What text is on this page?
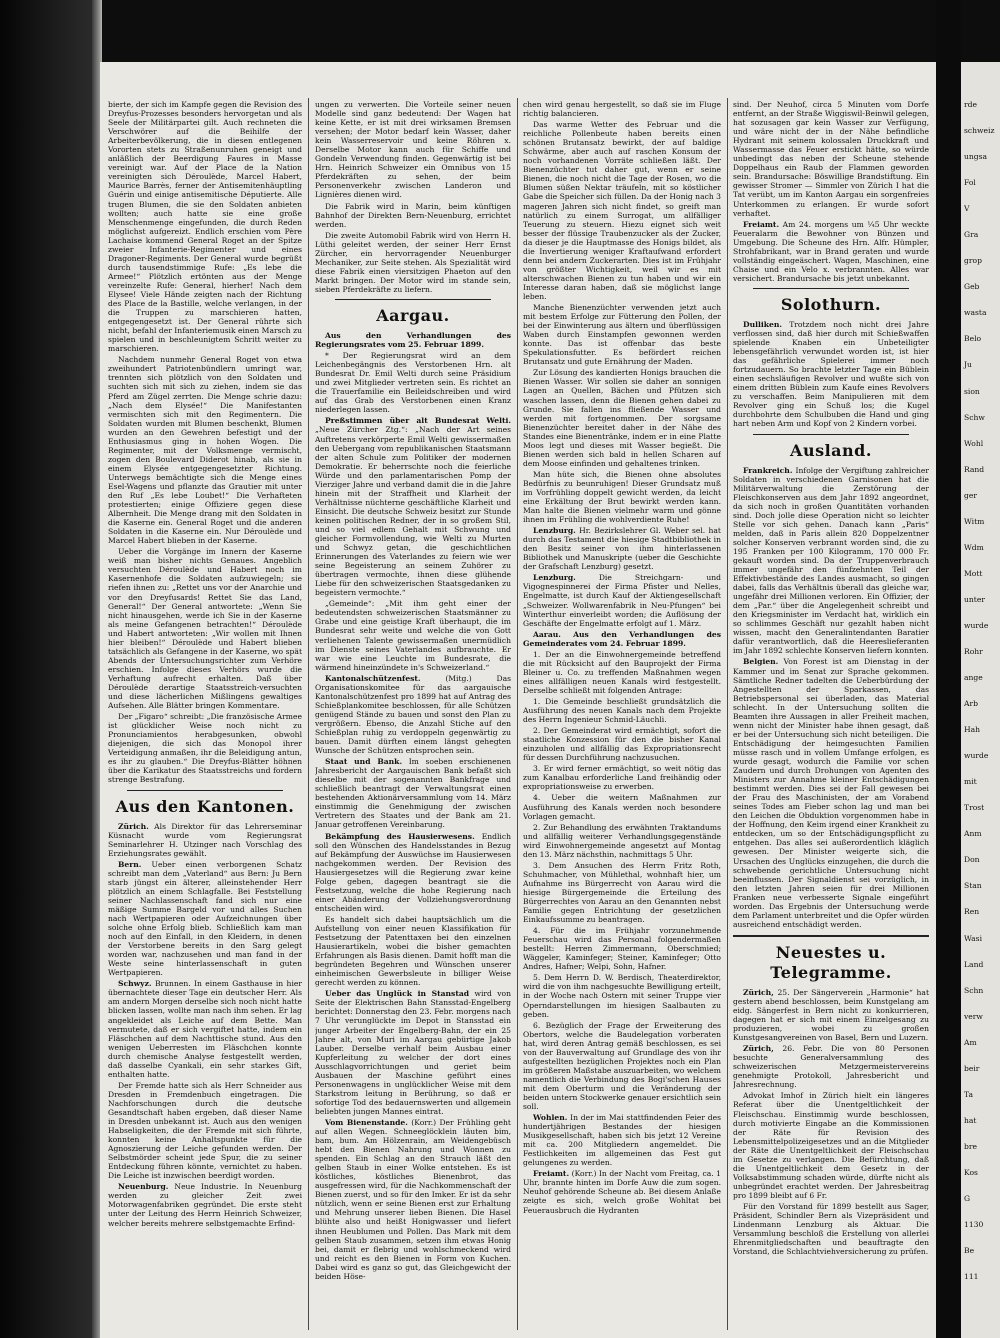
bierte, der sich im Kampfe gegen die Revision des Dreyfus-Prozesses besonders hervorgetan und als Seele der Militärpartei gilt. Auch rechneten die Verschwörer auf die Beihilfe der Arbeiterbevölkerung, die in diesen entlegenen Vororten stets zu Straßenunruhen geneigt und anläßlich der Beerdigung Faures in Masse vereinigt war. Auf der Place de la Nation vereinigten sich Déroulède, Marcel Habert, Maurice Barrès, ferner der Antisemitenhäuptling Guérin und einige antisemitische Députierte. Alle trugen Blumen, die sie den Soldaten anbieten wollten; auch hatte sie eine große Menschenmenge eingefunden, die durch Reden möglichst aufgereizt. Endlich erschien vom Père Lachaise kommend General Roget an der Spitze zweier Infanterie-Regimenter und eines Dragoner-Regiments. Der General wurde begrüßt durch tausendstimmige Rufe: „Es lebe die Armee!“ Plötzlich ertönten aus der Menge vereinzelte Rufe: General, hierher! Nach dem Elysee! Viele Hände zeigten nach der Richtung des Place de la Bastille, welche verlangen, in der die Truppen zu marschieren hatten, entgegengesetzt ist. Der General rührte sich nicht, befahl der Infanteriemusik einen Marsch zu spielen und in beschleunigtem Schritt weiter zu marschieren.

Nachdem nunmehr General Roget von etwa zweihundert Patriotenbündlern umringt war, trennten sich plötzlich von den Soldaten und suchten sich mit sich zu ziehen, indem sie das Pferd am Zügel zerrten. Die Menge schrie dazu: „Nach dem Elysée!“ Die Manifestanten vermischten sich mit den Regimentern. Die Soldaten wurden mit Blumen beschenkt, Blumen wurden an den Gewehren befestigt und der Enthusiasmus ging in hohen Wogen. Die Regimenter, mit der Volksmenge vermischt, zogen den Boulevard Diderot hinab, als sie in einem Elysée entgegengesetzter Richtung. Unterwegs bemächtigte sich die Menge eines Esel-Wagens und pflanzte das Grautier mit unter den Ruf „Es lebe Loubet!“ Die Verhafteten protestierten; einige Offiziere gegen diese Albernheit. Die Menge drang mit den Soldaten in die Kaserne ein. General Roget und die anderen Soldaten in die Kaserne ein. Nur Déroulède und Marcel Habert blieben in der Kaserne.

Ueber die Vorgänge im Innern der Kaserne weiß man bisher nichts Genaues. Angeblich versuchten Déroulède und Habert noch im Kasernenhofe die Soldaten aufzuwiegeln; sie riefen ihnen zu: „Rettet uns vor der Anarchie und vor den Dreyfusards! Rettet Sie das Land, General!“ Der General antwortete: „Wenn Sie nicht hinausgehen, werde ich Sie in der Kaserne als meine Gefangenen betrachten!“ Déroulède und Habert antworteten: „Wir wollen mit Ihnen hier bleiben!“ Déroulède und Habert blieben tatsächlich als Gefangene in der Kaserne, wo spät Abends der Untersuchungsrichter zum Verhöre erschien. Infolge dieses Verhörs wurde die Verhaftung aufrecht erhalten. Daß über Déroulède derartige Staatsstreich-versuchten und diese lächerlichen Mißlingens gewaltiges Aufsehen. Alle Blätter bringen Kommentare.

Der „Figaro“ schreibt: „Die französische Armee ist glücklicher Weise noch nicht zu Pronunciamientos herabgesunken, obwohl diejenigen, die sich das Monopol ihrer Verteidigung anmaßen, ihr die Beleidigung antun, es ihr zu glauben.“ Die Dreyfus-Blätter höhnen über die Karikatur des Staatsstreichs und fordern strenge Bestrafung.

Aus den Kantonen.

Zürich. Als Direktor für das Lehrerseminar Küsnacht wurde vom Regierungsrat Seminarlehrer H. Utzinger nach Vorschlag des Erziehungsrates gewählt.

Bern. Ueber einen verborgenen Schatz schreibt man dem „Vaterland“ aus Bern: Ju Bern starb jüngst ein älterer, alleinstehender Herr plötzlich an einem Schlagfalle. Bei Feststellung seiner Nachlassenschaft fand sich nur eine mäßige Summe Bargeld vor und alles Suchen nach Wertpapieren oder Aufzeichnungen über solche ohne Erfolg blieb. Schließlich kam man noch auf den Einfall, in den Kleidern, in denen der Verstorbene bereits in den Sarg gelegt worden war, nachzusehen und man fand in der Weste seine hinterlassenschaft in guten Wertpapieren.

Schwyz. Brunnen. In einem Gasthause in hier übernachtete dieser Tage ein deutscher Herr. Als am andern Morgen derselbe sich noch nicht hatte blicken lassen, wollte man nach ihm sehen. Er lag angekleidet als Leiche auf dem Bette. Man vermutete, daß er sich vergiftet hatte, indem ein Fläschchen auf dem Nachttische stund. Aus den wenigen Ueberresten im Fläschchen konnte durch chemische Analyse festgestellt werden, daß dasselbe Cyankali, ein sehr starkes Gift, enthalten hatte.

Der Fremde hatte sich als Herr Schneider aus Dresden in Fremdenbuch eingetragen. Die Nachforschungen durch die deutsche Gesandtschaft haben ergeben, daß dieser Name in Dresden unbekannt ist. Auch aus den wenigen Habseligkeiten, die der Fremde mit sich führte, konnten keine Anhaltspunkte für die Agnoszierung der Leiche gefunden werden. Der Selbstmörder scheint jede Spur, die zu seiner Entdeckung führen könnte, vernichtet zu haben. Die Leiche ist inzwischen beerdigt worden.

Neuenburg. Neue Industrie. In Neuenburg werden zu gleicher Zeit zwei Motorwagenfabriken gegründet. Die erste steht unter der Leitung des Herrn Heinrich Schweizer, welcher bereits mehrere selbstgemachte Erfind-

ungen zu verwerten. Die Vorteile seiner neuen Modelle sind ganz bedeutend: Der Wagen hat keine Kette, er ist mit drei wirksamen Bremsen versehen; der Motor bedarf kein Wasser, daher kein Wasserreservoir und keine Röhren x. Derselbe Motor kann auch für Schiffe und Gondeln Verwendung finden. Gegenwärtig ist bei Hrn. Heinrich Schweizer ein Omnibus von 15 Pferdekräften zu sehen, der beim Personenverkehr zwischen Landeron und Lignières dienen wird.

Die Fabrik wird in Marin, beim künftigen Bahnhof der Direkten Bern-Neuenburg, errichtet werden.

Die zweite Automobil Fabrik wird von Herrn H. Lüthi geleitet werden, der seiner Herr Ernst Zürcher, ein hervorragender Neuenburger Mechaniker, zur Seite stehen. Als Spezialität wird diese Fabrik einen viersitzigen Phaeton auf den Markt bringen. Der Motor wird im stande sein, sieben Pferdekräfte zu liefern.

Aargau.

Aus den Verhandlungen des Regierungsrates vom 25. Februar 1899.

* Der Regierungsrat wird an dem Leichenbegängnis des Verstorbenen Hrn. alt Bundesrat Dr. Emil Welti durch seine Präsidium und zwei Mitglieder vertreten sein. Es richtet an die Trauerfamilie ein Beileidschreiben und wird auf das Grab des Verstorbenen einen Kranz niederlegen lassen.

Preßstimmen über alt Bundesrat Welti. „Neue Zürcher Ztg.“: „Nach der Art seines Auftretens verkörperte Emil Welti gewissermaßen den Uebergang vom republikanischen Staatsmann der alten Schule zum Politiker der modernen Demokratie. Er beherrschte noch die feierliche Würde und den parlamentarischen Pomp der Vierziger Jahre und verband damit die in die Jahre hinein mit der Straffheit und Klarheit der Verhältnisse nüchterne geschäftliche Klarheit und Einsicht. Die deutsche Schweiz besitzt zur Stunde keinen politischen Redner, der in so großem Stil, und so viel edlem Gehalt mit Schwung und gleicher Formvollendung, wie Welti zu Murten und Schwyz getan, die geschichtlichen Erinnerungen des Vaterlandes zu feiern wie wer seine Begeisterung an seinem Zuhörer zu übertragen vermochte, ihnen diese glühende Liebe für den schweizerischen Staatsgedanken zu begeistern vermochte.“

„Gemeinde“: „Mit ihm geht einer der bedeutendsten schweizerischen Staatsmänner zu Grabe und eine geistige Kraft überhaupt, die im Bundesrat sehr weite und welche die von Gott verliehenen Talente gewissermaßen unermüdlich im Dienste seines Vaterlandes aufbrauchte. Er war wie eine Leuchte im Bundesrate, die wärmend hineinzündete in's Schweizerland.“

Kantonalschützenfest.	(Mitg.) Das Organisationskomitee für das aargauische Kantonalschützenfest pro 1899 hat auf Antrag des Schießplankomitee beschlossen, für alle Schützen genügend Stände zu bauen und sonst den Plan zu vergrößern. Ebenso, die Anzahl Stiche auf den Schießplan ruhig zu verdoppeln gegenwärtig zu bauen. Damit dürften einem längst gehegten Wunsche der Schützen entsprochen sein.

Staat und Bank. Im soeben erschienenen Jahresbericht der Aargauischen Bank befaßt sich dieselbe mit der sogenannten Bankfrage und schließlich beantragt der Verwaltungsrat einen bestehenden Aktionärversammlung vom 14. März einstimmig die Genehmigung der zwischen Vertretern des Staates und der Bank am 21. Januar getroffenen Vereinbarung.

Bekämpfung des Hausierwesens. Endlich soll den Wünschen des Handelsstandes in Bezug auf Bekämpfung der Auswüchse im Hausierwesen nachgekommen werden. Der Revision des Hausiergesetzes will die Regierung zwar keine Folge geben, dagegen beantragt sie die Festsetzung, welche die hohe Regierung nach einer Abänderung der Vollziehungsverordnung entscheiden wird.

Es handelt sich dabei hauptsächlich um die Aufstellung von einer neuen Klassifikation für Festsetzung der Patenttaxen bei den einzelnen Hausierartikeln, wobei die bisher gemachten Erfahrungen als Basis dienen. Damit hofft man die begründeten Begehren und Wünschen unserer einheimischen Gewerbsleute in billiger Weise gerecht werden zu können.

Ueber das Unglück in Stanstad wird von Seite der Elektrischen Bahn Stansstad-Engelberg berichtet: Donnerstag den 23. Febr. morgens nach 7 Uhr verunglückte im Depot in Stansstad ein junger Arbeiter der Engelberg-Bahn, der ein 25 Jahre alt, von Muri im Aargau gebürtige Jakob Lauber. Derselbe verhalf beim Ausbau einer Kupferleitung zu welcher der dort eines Ausschlagvorrichtungen und geriet beim Ausbauen der Maschine geführt eines Personenwagens in unglücklicher Weise mit dem Starkstrom leitung in Berührung, so daß er sofortige Tod des bedauernswerten und allgemein beliebten jungen Mannes eintrat.

Vom Bienenstande. (Korr.) Der Frühling geht auf allen Wegen. Schneeglöcklein läuten bim, bam, bum. Am Hölzenrain, am Weidengebüsch hebt den Bienen Nahrung und Wonnen zu spenden. Ein Schlag an den Strauch läßt den gelben Staub in einer Wolke entstehen. Es ist köstliches, köstliches Bienenbrot, das ausgefressen wird, für die Nachkommenschaft der Bienen zuerst, und so für den Imker. Er ist da sehr nützlich, wenn er seine Bienen erst zur Erhaltung und Mehrung unserer lieben Bienen. Die Hasel blühte also und heißt Honigwasser und liefert ihnen Heublumen und Pollen. Das Mark mit dem gelben Staub zusammen, setzen ihm etwas Honig bei, damit er flebrig und wohlschmeckend wird und reicht es den Bienen in Form von Kuchen. Dabei wird es ganz so gut, das Gleichgewicht der beiden Höse-

chen wird genau hergestellt, so daß sie im Fluge richtig balancieren.

Das warme Wetter des Februar und die reichliche Pollenbeute haben bereits einen schönen Brutansatz bewirkt, der auf baldige Schwärme, aber auch auf raschen Konsum der noch vorhandenen Vorräte schließen läßt. Der Bienenzüchter tut daher gut, wenn er seine Bienen, die noch nicht die Tage der Rosen, wo die Blumen süßen Nektar träufeln, mit so köstlicher Gabe die Speicher sich füllen. Da der Honig nach 3 mageren Jahren sich nicht findet, so greift man natürlich zu einem Surrogat, um allfälliger Teuerung zu steuern. Hiezu eignet sich weit besser der flüssige Traubenzucker als der Zucker, da dieser je die Hauptmasse des Honigs bildet, als die Invertierung weniger Kraftaufwand erfordert denn bei andern Zuckerarten. Dies ist im Frühjahr von größter Wichtigkeit, weil wir es mit alterschwachen Bienen zu tun haben und wir ein Interesse daran haben, daß sie möglichst lange leben.

Manche Bienenzüchter verwenden jetzt auch mit bestem Erfolge zur Fütterung den Pollen, der bei der Einwinterung aus ältern und überflüssigen Waben durch Einstampfen gewonnen werden konnte. Das ist offenbar das beste Spekulationsfutter. Es befördert reichen Brutansatz und gute Ernährung der Maden.

Zur Lösung des kandierten Honigs brauchen die Bienen Wasser. Wir sollen sie daher an sonnigen Lagen an Quellen, Bächen und Pfützen sich waschen lassen, denn die Bienen gehen dabei zu Grunde. Sie fallen ins fließende Wasser und werden mit fortgenommen. Der sorgsame Bienenzüchter bereitet daher in der Nähe des Standes eine Bienentränke, indem er in eine Platte Moos legt und dieses mit Wasser begießt. Die Bienen werden sich bald in hellen Scharen auf dem Moose einfinden und gehaltenes trinken.

Man hüte sich, die Bienen ohne absolutes Bedürfnis zu beunruhigen! Dieser Grundsatz muß im Vorfrühling doppelt gewicht werden, da leicht eine Erkältung der Brut bewirkt werden kann. Man halte die Bienen vielmehr warm und gönne ihnen im Frühling die wohlverdiente Ruhe!

Lenzburg. Hr. Bezirkslehrer Gl. Weber sel. hat durch das Testament die hiesige Stadtbibliothek in den Besitz seiner von ihm hinterlassenen Bibliothek und Manuskripte (ueber die Geschichte der Grafschaft Lenzburg) gesetzt.

Lenzburg.	Die Streichgarn- und Vigognespinnerei der Firma Pfister und Nelles, Engelmatte, ist durch Kauf der Aktiengesellschaft „Schweizer. Wollwarenfabrik in Neu-Pfungen“ bei Winterthur einverleibt worden; die Auflösung der Geschäfte der Engelmatte erfolgt auf 1. März.

Aarau. Aus den Verhandlungen des Gemeinderates vom 24. Februar 1899.

1. Der an die Einwohnergemeinde betreffend die mit Rücksicht auf den Bauprojekt der Firma Bleiner u. Co. zu treffenden Maßnahmen wegen eines allfälligen neuen Kanals wird festgestellt. Derselbe schließt mit folgenden Antrage:

1. Die Gemeinde beschließt grundsätzlich die Ausführung des neuen Kanals nach dem Projekte des Herrn Ingenieur Schmid-Läuchli.

2. Der Gemeinderat wird ermächtigt, sofort die staatliche Konzession für den die bisher Kanal einzuholen und allfällig das Expropriationsrecht für dessen Durchführung nachzusuchen.

3. Er wird ferner ermächtigt, so weit nötig das zum Kanalbau erforderliche Land freihändig oder expropriationsweise zu erwerben.

4. Ueber die weitern Maßnahmen zur Ausführung des Kanals werden noch besondere Vorlagen gemacht.

2. Zur Behandlung des erwähnten Traktandums und allfällig weiterer Verhandlungsgegenstände wird Einwohnergemeinde angesetzt auf Montag den 13. März nächsthin, nachmittags 5 Uhr.

3. Dem Ansuchen des Herrn Fritz Roth, Schuhmacher, von Mühlethal, wohnhaft hier, um Aufnahme ins Bürgerrecht von Aarau wird die hiesige Bürgergemeinde die Erteilung des Bürgerrechtes von Aarau an den Genannten nebst Familie gegen Entrichtung der gesetzlichen Einkaufssumme zu beantragen.

4. Für die im Frühjahr vorzunehmende Feuerschau wird das Personal folgendermaßen bestellt: Herren Zimmermann, Oberschmied; Wäggeler, Kaminfeger; Steiner, Kaminfeger; Otto Andres, Hafner; Welpi, Sohn, Hafner.

5. Dem Herrn D. W. Berdisch, Theaterdirektor, wird die von ihm nachgesuchte Bewilligung erteilt, in der Woche nach Ostern mit seiner Truppe vier Operndarstellungen im hiesigen Saalbauten zu geben.

6. Bezüglich der Frage der Erweiterung des Obertors, welche die Baudelegation vorberaten hat, wird deren Antrag gemäß beschlossen, es sei von der Bauverwaltung auf Grundlage des von ihr aufgestellten bezüglichen Projektes noch ein Plan im größeren Maßstabe auszuarbeiten, wo welchem namentlich die Verbindung des Bogi'schen Hauses mit dem Oberturm und die Veränderung der beiden untern Stockwerke genauer ersichtlich sein soll.

Wohlen. In der im Mai stattfindenden Feier des hundertjährigen Bestandes der hiesigen Musikgesellschaft, haben sich bis jetzt 12 Vereine mit ca. 200 Mitgliedern angemeldet. Die Festlichkeiten im allgemeinen das Fest gut gelungenes zu werden.

Freiamt. (Korr.) In der Nacht vom Freitag, ca. 1 Uhr, brannte hinten im Dorfe Auw die zum sogen. Neuhof gehörende Scheune ab. Bei diesem Anlaße zeigte es sich, welch große Wohltat bei Feuerausbruch die Hydranten

sind. Der Neuhof, circa 5 Minuten vom Dorfe entfernt, an der Straße Wiggiswil-Beinwil gelegen, hat sozusagen gar kein Wasser zur Verfügung, und wäre nicht der in der Nähe befindliche Hydrant mit seinem kolossalen Druckkraft und Wassermasse das Feuer erstickt hätte, so würde unbedingt das neben der Scheune stehende Doppelhaus ein Raub der Flammen geworden sein. Brandursache: Böswillige Brandstiftung. Ein gewisser Stromer — Simmler von Zürich I hat die Tat verübt, um im Kanton Aargau ein sorgenfreies Unterkommen zu erlangen. Er wurde sofort verhaftet.

Freiamt. Am 24. morgens um ¼5 Uhr weckte Feueralarm die Bewohner von Bünzen und Umgebung. Die Scheune des Hrn. Alfr. Hümpler, Strohfabrikant, war in Brand geraten und wurde vollständig eingeäschert. Wagen, Maschinen, eine Chaise und ein Velo x. verbrannten. Alles war versichert. Brandursache bis jetzt unbekannt.

Solothurn.

Dulliken. Trotzdem noch nicht drei Jahre verflossen sind, daß hier durch mit Schießwaffen spielende Knaben ein Unbeteiligter lebensgefährlich verwundet worden ist, ist hier das gefährliche Spielerei immer noch fortzudauern. So brachte letzter Tage ein Büblein einen sechsläufigen Revolver und wußte sich von einem dritten Büblein zum Kaufe eines Revolvers zu verschaffen. Beim Manipulieren mit dem Revolver ging ein Schuß los; die Kugel durchbohrte dem Schulbuben die Hand und ging hart neben Arm und Kopf von 2 Kindern vorbei.

Ausland.

Frankreich. Infolge der Vergiftung zahlreicher Soldaten in verschiedenen Garnisonen hat die Militärverwaltung die Zerstörung der Fleischkonserven aus dem Jahr 1892 angeordnet, da sich noch in großen Quantitäten vorhanden sind. Doch jolle diese Operation nicht so leichter Stelle vor sich gehen. Danach kann „Paris“ melden, daß in Paris allein 820 Doppelzentner solcher Konserven verbrannt worden sind, die zu 195 Franken per 100 Kilogramm, 170 000 Fr. gekauft worden sind. Da der Truppenverbrauch immer ungefähr den fünfzehnten Teil der Effektivbestände des Landes ausmacht, so gingen dabei, falls das Verhältnis überall das gleiche war, ungefähr drei Millionen verloren. Ein Offizier, der dem „Par.“ über die Angelegenheit schreibt und den Kriegsminister im Verdacht hat, wirklich ein so schlimmes Geschäft nur gezahlt haben nicht wissen, macht den Generalintendanten Baratier dafür verantwortlich, daß die Heereslieferanten im Jahr 1892 schlechte Konserven liefern konnten.

Belgien. Von Forest ist am Dienstag in der Kammer und im Senat zur Sprache gekommen. Sämtliche Redner tadelten die Ueberbürdung der Angestellten der Sparkassen, das Betriebspersonal sei überladen, das Material schlecht. In der Untersuchung sollten die Beamten ihre Aussagen in aller Freiheit machen, wenn nicht der Minister habe ihnen gesagt, daß er bei der Untersuchung sich nicht beteiligen. Die Entschädigung der heimgesuchten Familien müsse rasch und in vollem Umfange erfolgen, es wurde gesagt, wodurch die Familie vor schen Zaudern und durch Drohungen von Agenten des Ministers zur Annahme kleiner Entschädigungen bestimmt werden. Dies sei der Fall gewesen bei der Frau des Maschinisten, der am Vorabend seines Todes am Fieber schon lag und man bei den Leichen die Obduktion vorgenommen habe in der Hoffnung, den Keim irgend einer Krankheit zu entdecken, um so der Entschädigungspflicht zu entgehen. Das alles sei außerordentlich kläglich gewesen. Der Minister weigerte sich, die Ursachen des Unglücks einzugehen, die durch die schwebende gerichtliche Untersuchung nicht beeinflussen. Der Signaldienst sei vorzüglich, in den letzten Jahren seien für drei Millionen Franken neue verbesserte Signale eingeführt worden. Das Ergebnis der Untersuchung werde dem Parlament unterbreitet und die Opfer würden ausreichend entschädigt werden.

Neuestes u. Telegramme.

Zürich, 25. Der Sängerverein „Harmonie“ hat gestern abend beschlossen, beim Kunstgelang am eidg. Sängerfest in Bern nicht zu konkurrieren, dagegen hat er sich mit einem Einzelgesang zu produzieren, wobei zu großen Kunstgesangvereinen von Basel, Bern und Luzern.

Zürich, 26. Febr. Die von 80 Personen besuchte Generalversammlung des schweizerischen Metzgermeistervereins genehmigte Protokoll, Jahresbericht und Jahresrechnung.

Advokat Imhof in Zürich hielt ein längeres Referat über die Unentgeltlichkeit der Fleischschau. Einstimmig wurde beschlossen, durch motivierte Eingabe an die Kommissionen der Räte für Revision des Lebensmittelpolizeigesetzes und an die Mitglieder der Räte die Unentgeltlichkeit der Fleischschau im Gesetze zu verlangen. Die Befürchtung, daß die Unentgeltlichkeit dem Gesetz in der Volksabstimmung schaden würde, dürfte nicht als unbegründet erachtet werden. Der Jahresbeitrag pro 1899 bleibt auf 6 Fr.

Für den Vorstand für 1899 bestellt aus Sager, Präsident, Schindler Bern als Vizepräsident und Lindenmann Lenzburg als Aktuar. Die Versammlung beschloß die Erstellung von allerlei Ehrenmitgliedschaften und beauftragte den Vorstand, die Schlachtviehversicherung zu prüfen.

rde
schweiz
ungsa
Fol
V
Gra
grop
Geb
wasta
Belo
Ju
sion
Schw
Wohl
Rand
ger
Witm
Wdm
Mott
unter
wurde
Rohr
ange
Arb
Hah
wurde
mit
Trost
Anm
Don
Stan
Ren
Wasi
Land
Schn
verw
Am
beir
Ta
hat
bre
Kos
G
1130
Be
111
